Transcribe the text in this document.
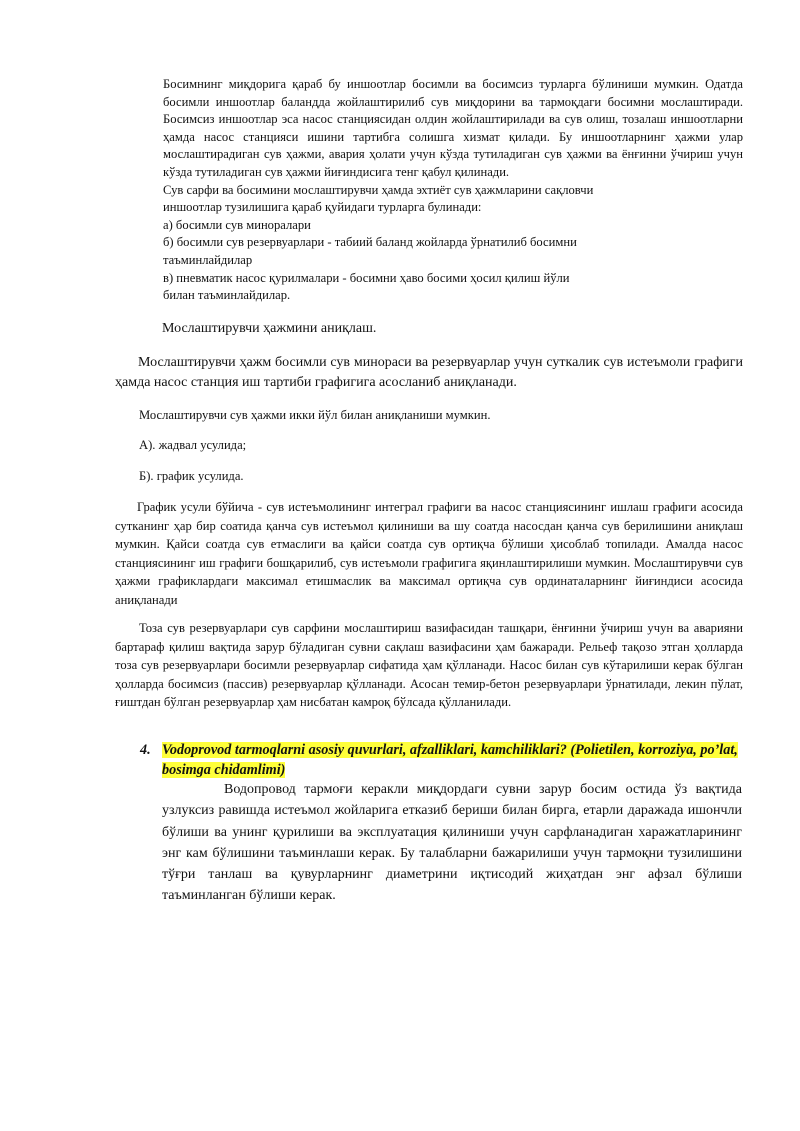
Босимнинг миқдорига қараб бу иншоотлар босимли ва босимсиз турларга бўлиниши мумкин. Одатда босимли иншоотлар баландда жойлаштирилиб сув миқдорини ва тармоқдаги босимни мослаштиради. Босимсиз иншоотлар эса насос станциясидан олдин жойлаштирилади ва сув олиш, тозалаш иншоотларни ҳамда насос станцияси ишини тартибга солишга хизмат қилади. Бу иншоотларнинг ҳажми улар мослаштирадиган сув ҳажми, авария ҳолати учун кўзда тутиладиган сув ҳажми ва ёнғинни ўчириш учун кўзда тутиладиган сув ҳажми йиғиндисига тенг қабул қилинади.

Сув сарфи ва босимини мослаштирувчи ҳамда эхтиёт сув ҳажмларини сақловчи
иншоотлар тузилишига қараб қуйидаги турларга булинади:
а) босимли сув минoралари
б) босимли сув резервуарлари - табиий баланд жойларда ўрнатилиб босимни
таъминлайдилар
в) пневматик насос қурилмалари - босимни ҳаво босими ҳосил қилиш йўли
билан таъминлайдилар.
Мослаштирувчи ҳажмини аниқлаш.

Мослаштирувчи ҳажм босимли сув минораси ва резервуарлар учун суткалик сув истеъмоли графиги ҳамда насос станция иш тартиби графигига асосланиб аниқланади.

Мослаштирувчи сув ҳажми икки йўл билан аниқланиши мумкин.
А). жадвал усулида;
Б). график усулида.

График усули бўйича - сув истеъмолининг интеграл графиги ва насос станциясининг ишлаш графиги асосида сутканинг ҳар бир соатида қанча сув истеъмол қилиниши ва шу соатда насосдан қанча сув берилишини аниқлаш мумкин. Қайси соатда сув етмаслиги ва қайси соатда сув ортиқча бўлиши ҳисоблаб топилади. Амалда насос станциясининг иш графиги бошқарилиб, сув истеъмоли графигига яқинлаштирилиши мумкин. Мослаштирувчи сув ҳажми графиклардаги максимал етишмаслик ва максимал ортиқча сув ординаталарнинг йиғиндиси асосида аниқланади

Тоза сув резервуарлари сув сарфини мослаштириш вазифасидан ташқари, ёнғинни ўчириш учун ва аварияни бартараф қилиш вақтида зарур бўладиган сувни сақлаш вазифасини ҳам бажаради. Рельеф тақозо этган ҳолларда тоза сув резервуарлари босимли резервуарлар сифатида ҳам қўлланади. Насос билан сув кўтарилиши керак бўлган ҳолларда босимсиз (пассив) резервуарлар қўлланади. Асосан темир-бетон резервуарлари ўрнатилади, лекин пўлат, ғиштдан бўлган резервуарлар ҳам нисбатан камроқ бўлсада қўлланилади.

4. Vodoprovod tarmoqlarni asosiy quvurlari, afzalliklari, kamchiliklari? (Polietilen, korroziya, po’lat, bosimga chidamlimi)

Водопровод тармоғи керакли миқдордаги сувни зарур босим остида ўз вақтида узлуксиз равишда истеъмол жойларига етказиб бериши билан бирга, етарли даражада ишончли бўлиши ва унинг қурилиши ва эксплуатация қилиниши учун сарфланадиган харажатларининг энг кам бўлишини таъминлаши керак. Бу талабларни бажарилиши учун тармоқни тузилишини тўғри танлаш ва қувурларнинг диаметрини иқтисодий жиҳатдан энг афзал бўлиши таъминланган бўлиши керак.
